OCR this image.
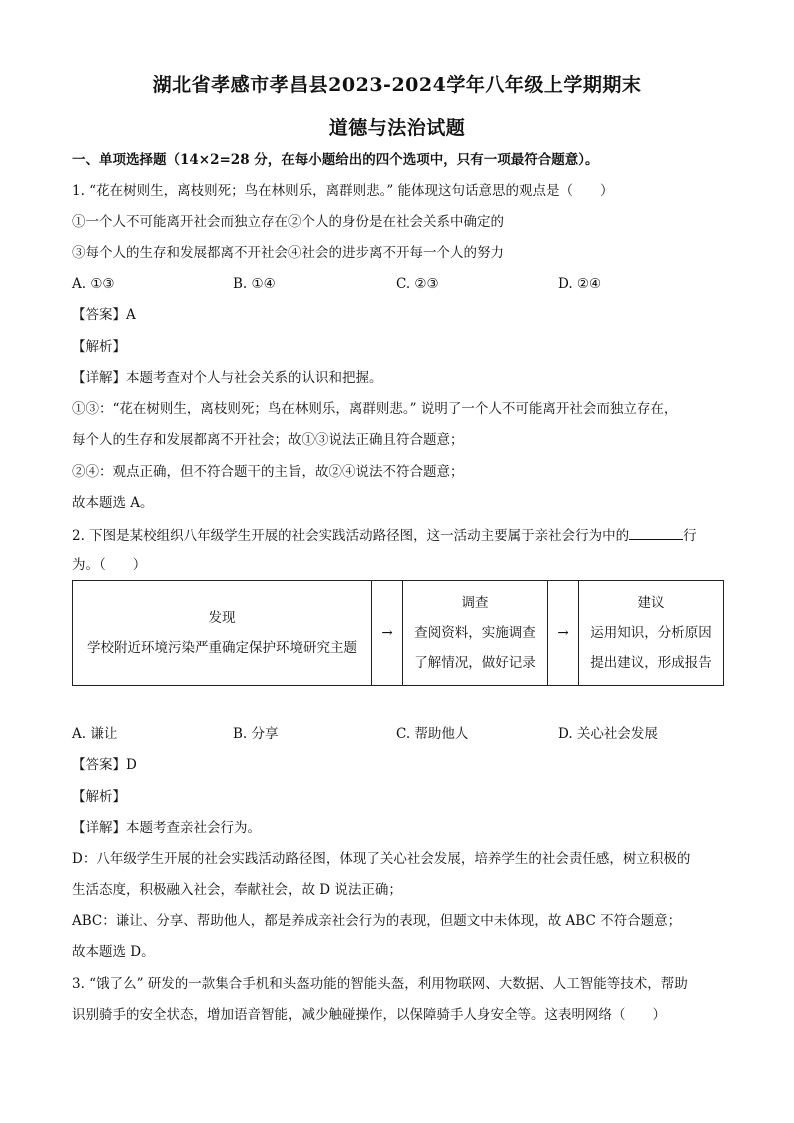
湖北省孝感市孝昌县2023-2024学年八年级上学期期末
道德与法治试题
一、单项选择题（14×2=28 分，在每小题给出的四个选项中，只有一项最符合题意）。
1. “花在树则生，离枝则死；鸟在林则乐，离群则悲。” 能体现这句话意思的观点是（　　）
①一个人不可能离开社会而独立存在②个人的身份是在社会关系中确定的
③每个人的生存和发展都离不开社会④社会的进步离不开每一个人的努力
A. ①③	B. ①④	C. ②③	D. ②④
【答案】A
【解析】
【详解】本题考查对个人与社会关系的认识和把握。
①③：“花在树则生，离枝则死；鸟在林则乐，离群则悲。” 说明了一个人不可能离开社会而独立存在，
每个人的生存和发展都离不开社会；故①③说法正确且符合题意；
②④：观点正确，但不符合题干的主旨，故②④说法不符合题意；
故本题选 A。
2. 下图是某校组织八年级学生开展的社会实践活动路径图，这一活动主要属于亲社会行为中的	行
为。（　　）
发现
学校附近环境污染严重确定保护环境研究主题
	→	
调查
查阅资料，实施调查
了解情况，做好记录
	→	
建议
运用知识，分析原因
提出建议，形成报告
A. 谦让	B. 分享	C. 帮助他人	D. 关心社会发展
【答案】D
【解析】
【详解】本题考查亲社会行为。
D：八年级学生开展的社会实践活动路径图，体现了关心社会发展，培养学生的社会责任感，树立积极的
生活态度，积极融入社会，奉献社会，故 D 说法正确；
ABC：谦让、分享、帮助他人，都是养成亲社会行为的表现，但题文中未体现，故 ABC 不符合题意；
故本题选 D。
3. “饿了么” 研发的一款集合手机和头盔功能的智能头盔，利用物联网、大数据、人工智能等技术，帮助
识别骑手的安全状态，增加语音智能，减少触碰操作，以保障骑手人身安全等。这表明网络（　　）
